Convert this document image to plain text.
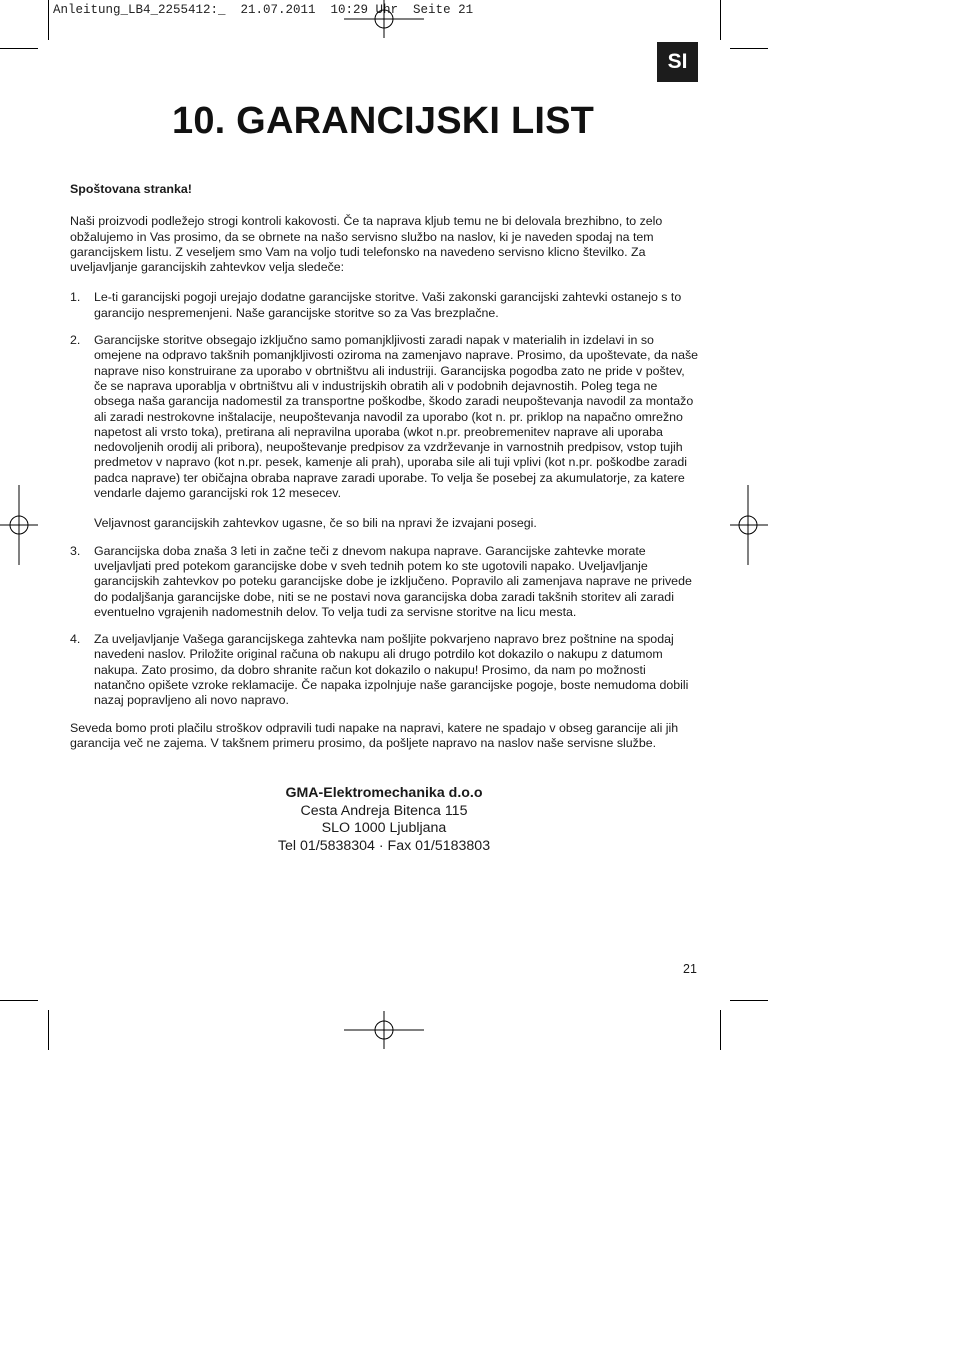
Anleitung_LB4_2255412:_  21.07.2011  10:29 Uhr  Seite 21
SI
10. GARANCIJSKI LIST

Spoštovana stranka!

Naši proizvodi podležejo strogi kontroli kakovosti. Če ta naprava kljub temu ne bi delovala brezhibno, to zelo obžalujemo in Vas prosimo, da se obrnete na našo servisno službo na naslov, ki je naveden spodaj na tem garancijskem listu. Z veseljem smo Vam na voljo tudi telefonsko na navedeno servisno klicno številko. Za uveljavljanje garancijskih zahtevkov velja sledeče:

1. Le-ti garancijski pogoji urejajo dodatne garancijske storitve. Vaši zakonski garancijski zahtevki ostanejo s to garancijo nespremenjeni. Naše garancijske storitve so za Vas brezplačne.

2. Garancijske storitve obsegajo izključno samo pomanjkljivosti zaradi napak v materialih in izdelavi in so omejene na odpravo takšnih pomanjkljivosti oziroma na zamenjavo naprave. Prosimo, da upoštevate, da naše naprave niso konstruirane za uporabo v obrtništvu ali industriji. Garancijska pogodba zato ne pride v poštev, če se naprava uporablja v obrtništvu ali v industrijskih obratih ali v podobnih dejavnostih. Poleg tega ne obsega naša garancija nadomestil za transportne poškodbe, škodo zaradi neupoštevanja navodil za montažo ali zaradi nestrokovne inštalacije, neupoštevanja navodil za uporabo (kot n. pr. priklop na napačno omrežno napetost ali vrsto toka), pretirana ali nepravilna uporaba (wkot n.pr. preobremenitev naprave ali uporaba nedovoljenih orodij ali pribora), neupoštevanje predpisov za vzdrževanje in varnostnih predpisov, vstop tujih predmetov v napravo (kot n.pr. pesek, kamenje ali prah), uporaba sile ali tuji vplivi (kot n.pr. poškodbe zaradi padca naprave) ter običajna obraba naprave zaradi uporabe. To velja še posebej za akumulatorje, za katere vendarle dajemo garancijski rok 12 mesecev.

Veljavnost garancijskih zahtevkov ugasne, če so bili na npravi že izvajani posegi.

3. Garancijska doba znaša 3 leti in začne teči z dnevom nakupa naprave. Garancijske zahtevke morate uveljavljati pred potekom garancijske dobe v sveh tednih potem ko ste ugotovili napako. Uveljavljanje garancijskih zahtevkov po poteku garancijske dobe je izključeno. Popravilo ali zamenjava naprave ne privede do podaljšanja garancijske dobe, niti se ne postavi nova garancijska doba zaradi takšnih storitev ali zaradi eventuelno vgrajenih nadomestnih delov. To velja tudi za servisne storitve na licu mesta.

4. Za uveljavljanje Vašega garancijskega zahtevka nam pošljite pokvarjeno napravo brez poštnine na spodaj navedeni naslov. Priložite original računa ob nakupu ali drugo potrdilo kot dokazilo o nakupu z datumom nakupa. Zato prosimo, da dobro shranite račun kot dokazilo o nakupu! Prosimo, da nam po možnosti natančno opišete vzroke reklamacije. Če napaka izpolnjuje naše garancijske pogoje, boste nemudoma dobili nazaj popravljeno ali novo napravo.

Seveda bomo proti plačilu stroškov odpravili tudi napake na napravi, katere ne spadajo v obseg garancije ali jih garancija več ne zajema. V takšnem primeru prosimo, da pošljete napravo na naslov naše servisne službe.

GMA-Elektromechanika d.o.o
Cesta Andreja Bitenca 115
SLO 1000 Ljubljana
Tel 01/5838304 · Fax 01/5183803
21
